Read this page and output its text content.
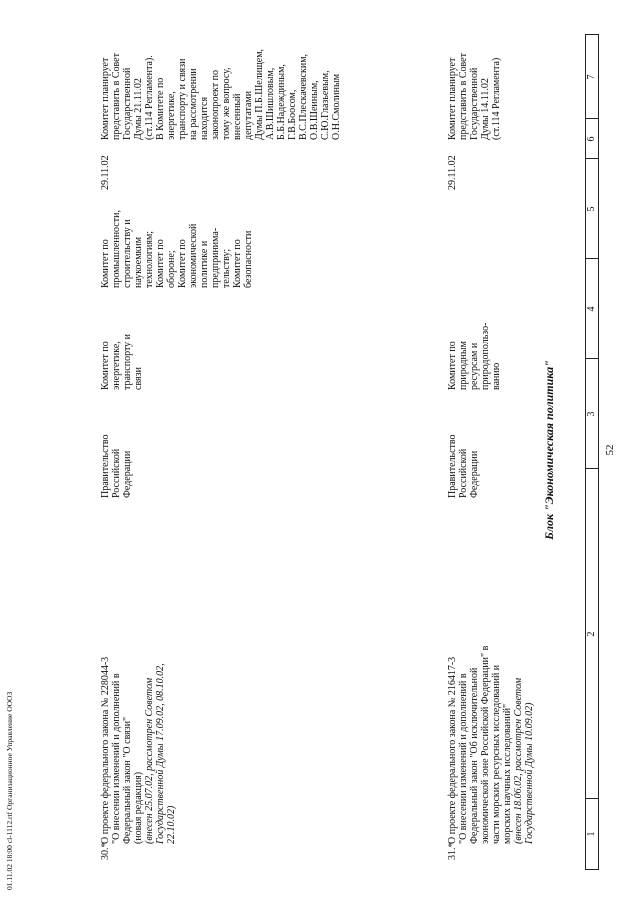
01.11.02 18:00 cl-1112.rtf Организационное Управление ООО3	1
2
3
4
5
6
7
52
Блок "Экономическая политика"
30.*
О проекте федерального закона № 228044-3 "О внесении изменений и дополнений в Федеральный закон "О связи" (новая редакция) (внесен 25.07.02, рассмотрен Советом Государственной Думы 17.09.02, 08.10.02, 22.10.02)
Правительство Российской Федерации
Комитет по энергетике, транспорту и связи
Комитет по промышленности, строительству и наукоемким технологиям; Комитет по обороне; Комитет по экономической политике и предпринима- тельству; Комитет по безопасности
29.11.02
Комитет планирует представить в Совет Государственной Думы 21.11.02 (ст.114 Регламента). В Комитете по энергетике, транспорту и связи на рассмотрении находится законопроект по тому же вопросу, внесенный депутатами Думы П.Б.Шелищем, А.В.Шишловым, Б.Б.Надеждиным, Г.В.Боосом, В.С.Плескачевским, О.В.Шеиным, С.Ю.Глазьевым, О.Н.Смолиным
31.*
О проекте федерального закона № 216417-3 "О внесении изменений и дополнений в Федеральный закон "Об исключительной экономической зоне Российской Федерации" в части морских ресурсных исследований и морских научных исследований" (внесен 18.06.02, рассмотрен Советом Государственной Думы 10.09.02)
Правительство Российской Федерации
Комитет по природным ресурсам и природопользо- ванию
29.11.02
Комитет планирует представить в Совет Государственной Думы 14.11.02 (ст.114 Регламента)
